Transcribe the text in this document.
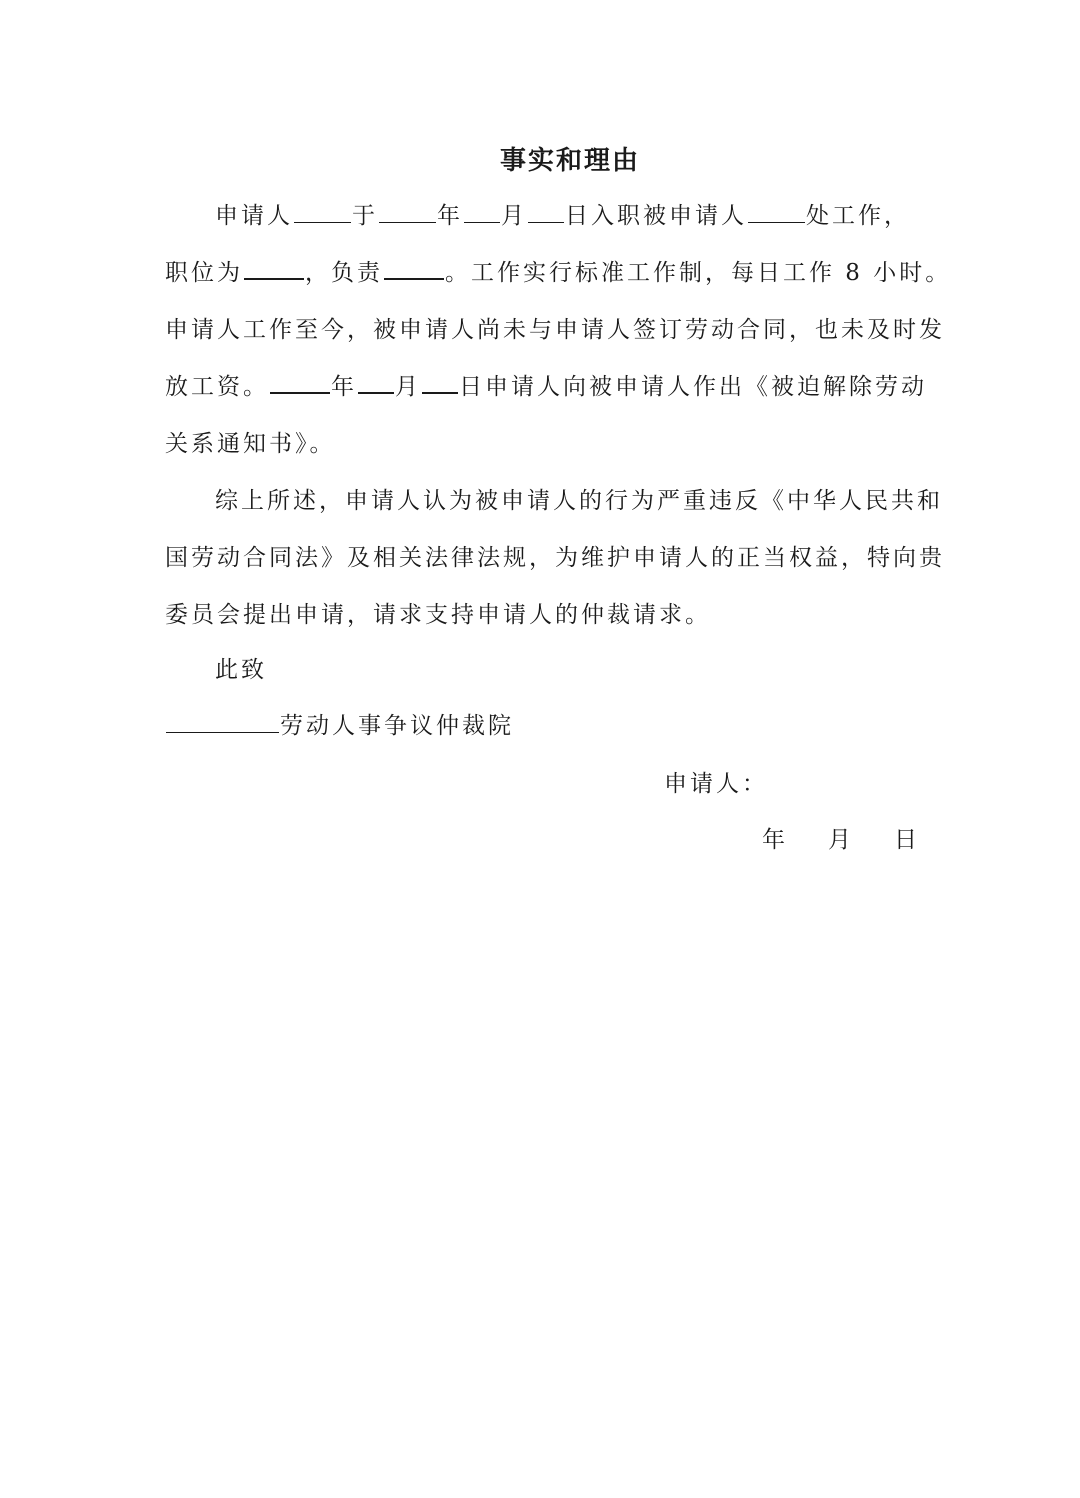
事实和理由
申请人	于	年 月 日入职被申请人	处工作，
职位为	，负责	。工作实行标准工作制，每日工作 8 小时。
申请人工作至今，被申请人尚未与申请人签订劳动合同，也未及时发
放工资。	年 月 日申请人向被申请人作出《被迫解除劳动
关系通知书》。
综上所述，申请人认为被申请人的行为严重违反《中华人民共和
国劳动合同法》及相关法律法规，为维护申请人的正当权益，特向贵
委员会提出申请，请求支持申请人的仲裁请求。
此致
劳动人事争议仲裁院
申请人：
年 月 日
